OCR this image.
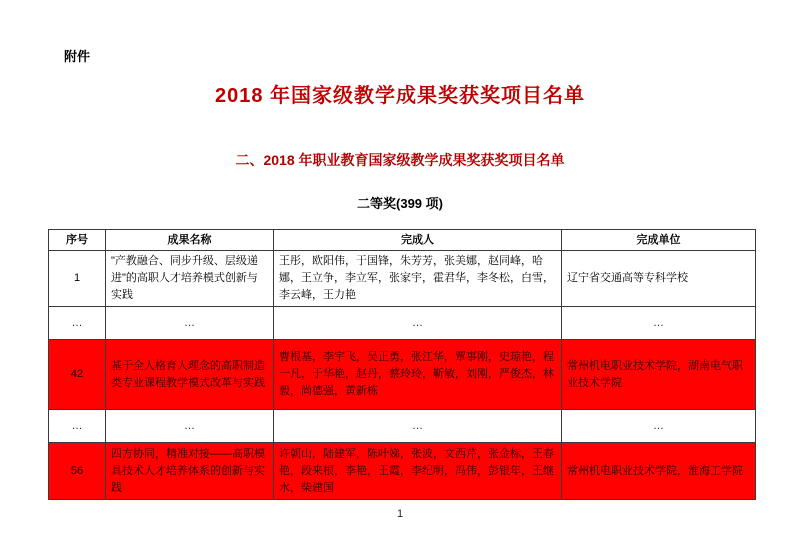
附件
2018 年国家级教学成果奖获奖项目名单
二、2018 年职业教育国家级教学成果奖获奖项目名单
二等奖(399 项)
序号	成果名称	完成人	完成单位
1	"产教融合、同步升级、层级递进"的高职人才培养模式创新与实践	王彤，欧阳伟，于国锋，朱芳芳，张美娜，赵同峰，哈娜，王立争，李立军，张家宇，霍君华，李冬松，白雪，李云峰，王力艳	辽宁省交通高等专科学校
…	…	…	…
42	基于全人格育人理念的高职制造类专业课程教学模式改革与实践	曹根基，李宇飞，吴正勇，张江华，覃事刚，史琼艳，程一凡，于华艳，赵丹，蔡玲玲，靳敏，刘刚，严俊杰，林毅，尚德强，黄新栋	常州机电职业技术学院，湖南电气职业技术学院
…	…	…	…
56	四方协同，精准对接——高职模具技术人才培养体系的创新与实践	许朝山，陆建军，陈叶娣，张波，文西芹，张金标，王春艳，段来根，李艳，王霞，李纪明，冯伟，彭银年，王继水，柴建国	常州机电职业技术学院，淮海工学院
1
